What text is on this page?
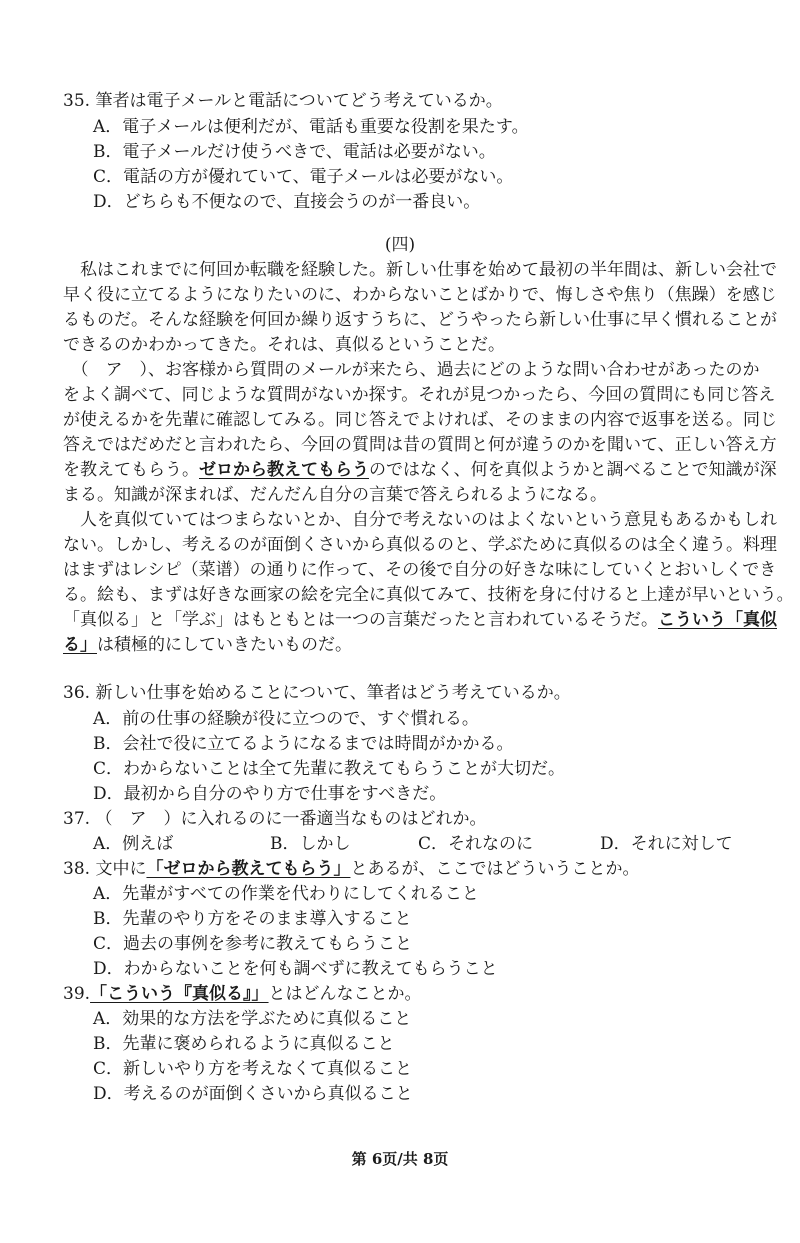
35. 筆者は電子メールと電話についてどう考えているか。
A．電子メールは便利だが、電話も重要な役割を果たす。
B．電子メールだけ使うべきで、電話は必要がない。
C．電話の方が優れていて、電子メールは必要がない。
D．どちらも不便なので、直接会うのが一番良い。
(四)
　私はこれまでに何回か転職を経験した。新しい仕事を始めて最初の半年間は、新しい会社で
早く役に立てるようになりたいのに、わからないことばかりで、悔しさや焦り（焦躁）を感じ
るものだ。そんな経験を何回か繰り返すうちに、どうやったら新しい仕事に早く慣れることが
できるのかわかってきた。それは、真似るということだ。
　（　ア　）、お客様から質問のメールが来たら、過去にどのような問い合わせがあったのか
をよく調べて、同じような質問がないか探す。それが見つかったら、今回の質問にも同じ答え
が使えるかを先輩に確認してみる。同じ答えでよければ、そのままの内容で返事を送る。同じ
答えではだめだと言われたら、今回の質問は昔の質問と何が違うのかを聞いて、正しい答え方
を教えてもらう。ゼロから教えてもらうのではなく、何を真似ようかと調べることで知識が深
まる。知識が深まれば、だんだん自分の言葉で答えられるようになる。
　人を真似ていてはつまらないとか、自分で考えないのはよくないという意見もあるかもしれ
ない。しかし、考えるのが面倒くさいから真似るのと、学ぶために真似るのは全く違う。料理
はまずはレシピ（菜谱）の通りに作って、その後で自分の好きな味にしていくとおいしくでき
る。絵も、まずは好きな画家の絵を完全に真似てみて、技術を身に付けると上達が早いという。
「真似る」と「学ぶ」はもともとは一つの言葉だったと言われているそうだ。こういう「真似
る」は積極的にしていきたいものだ。
36. 新しい仕事を始めることについて、筆者はどう考えているか。
A．前の仕事の経験が役に立つので、すぐ慣れる。
B．会社で役に立てるようになるまでは時間がかかる。
C．わからないことは全て先輩に教えてもらうことが大切だ。
D．最初から自分のやり方で仕事をすべきだ。
37. （　ア　）に入れるのに一番適当なものはどれか。
A．例えば	B．しかし	C．それなのに	D．それに対して
38. 文中に「ゼロから教えてもらう」とあるが、ここではどういうことか。
A．先輩がすべての作業を代わりにしてくれること
B．先輩のやり方をそのまま導入すること
C．過去の事例を参考に教えてもらうこと
D．わからないことを何も調べずに教えてもらうこと
39.「こういう『真似る』」とはどんなことか。
A．効果的な方法を学ぶために真似ること
B．先輩に褒められるように真似ること
C．新しいやり方を考えなくて真似ること
D．考えるのが面倒くさいから真似ること
第 6页/共 8页
